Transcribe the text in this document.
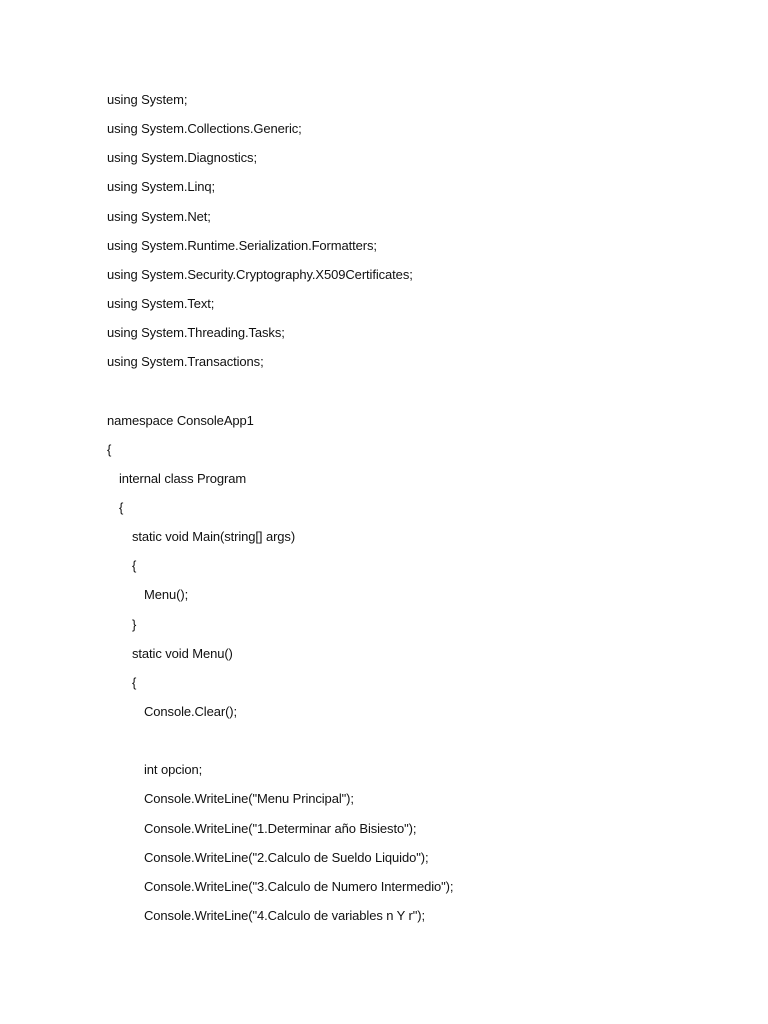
using System;
using System.Collections.Generic;
using System.Diagnostics;
using System.Linq;
using System.Net;
using System.Runtime.Serialization.Formatters;
using System.Security.Cryptography.X509Certificates;
using System.Text;
using System.Threading.Tasks;
using System.Transactions;
namespace ConsoleApp1
{
internal class Program
{
static void Main(string[] args)
{
Menu();
}
static void Menu()
{
Console.Clear();
int opcion;
Console.WriteLine("Menu Principal");
Console.WriteLine("1.Determinar año Bisiesto");
Console.WriteLine("2.Calculo de Sueldo Liquido");
Console.WriteLine("3.Calculo de Numero Intermedio");
Console.WriteLine("4.Calculo de variables n Y r");
